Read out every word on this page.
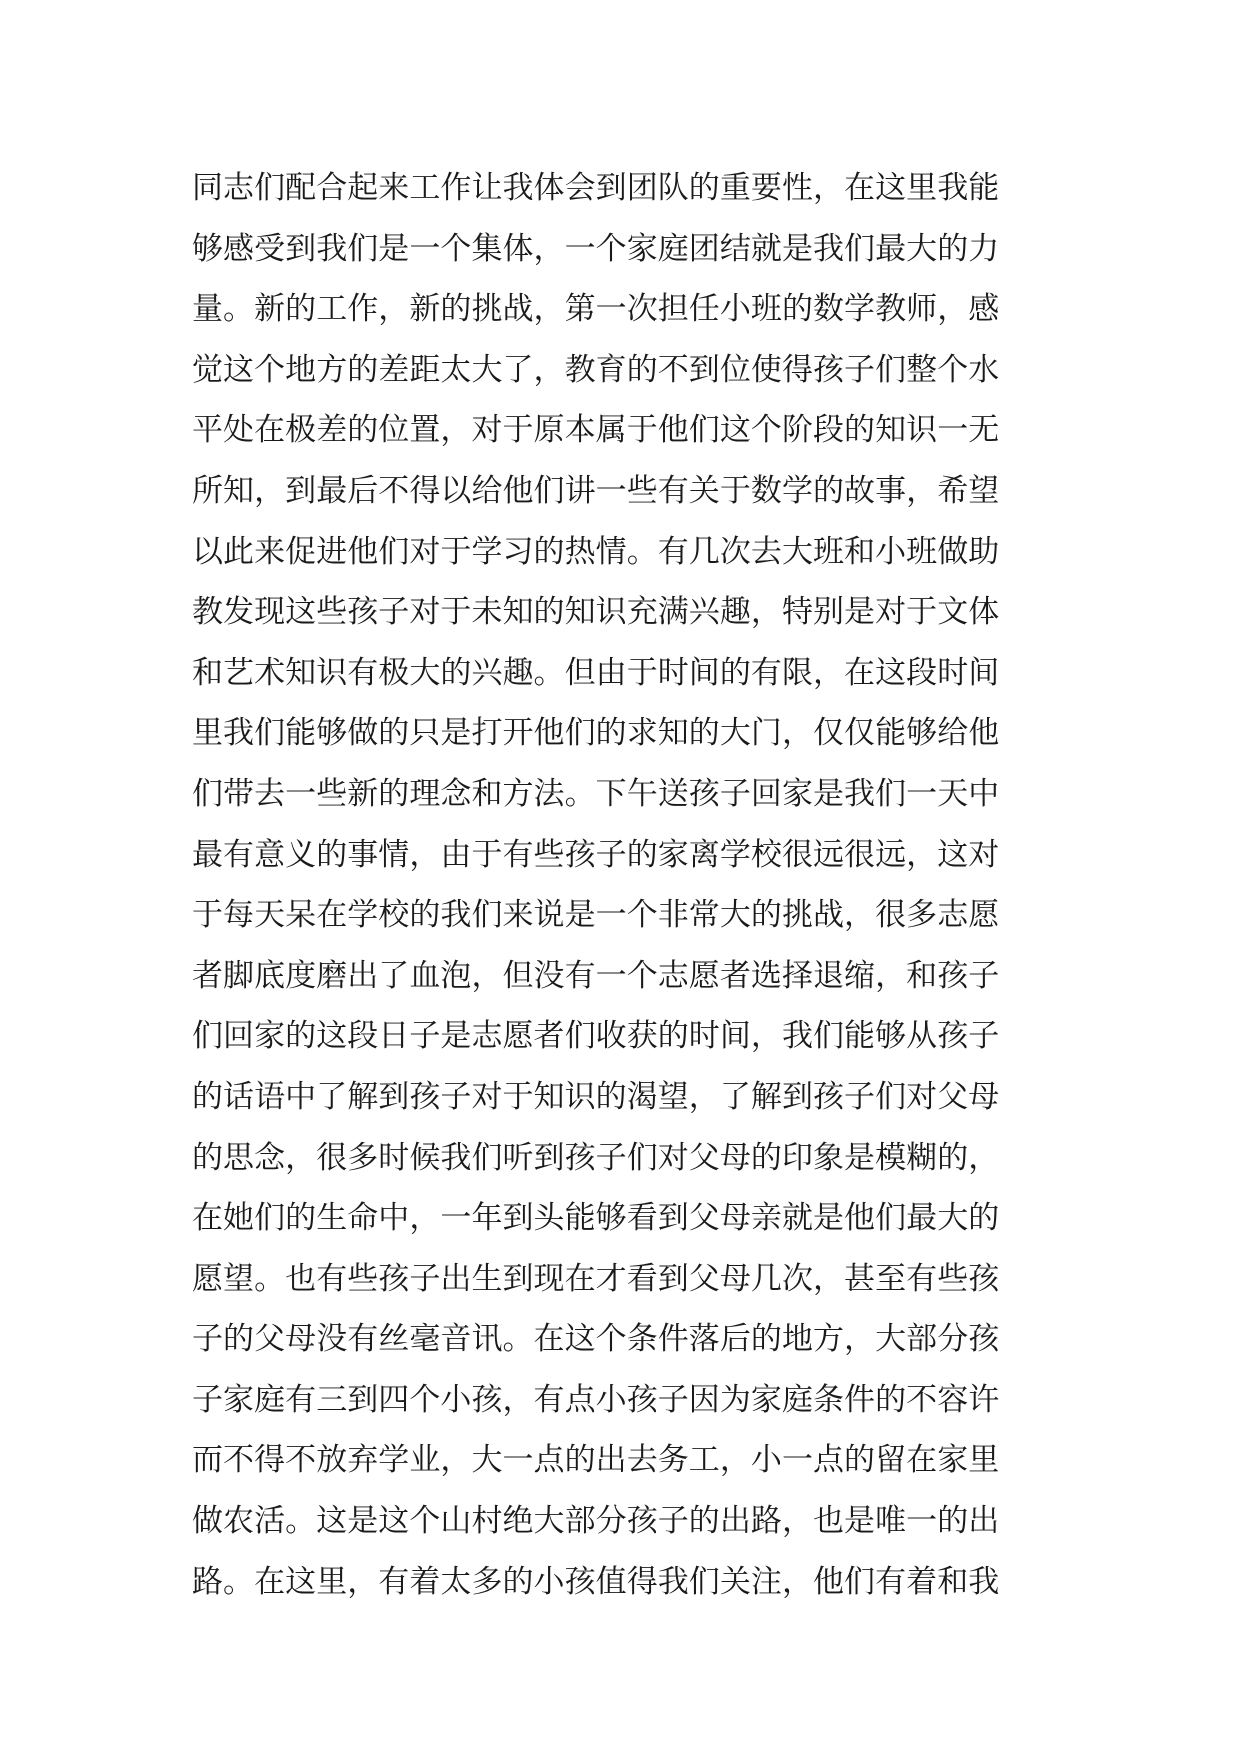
同志们配合起来工作让我体会到团队的重要性，在这里我能
够感受到我们是一个集体，一个家庭团结就是我们最大的力
量。新的工作，新的挑战，第一次担任小班的数学教师，感
觉这个地方的差距太大了，教育的不到位使得孩子们整个水
平处在极差的位置，对于原本属于他们这个阶段的知识一无
所知，到最后不得以给他们讲一些有关于数学的故事，希望
以此来促进他们对于学习的热情。有几次去大班和小班做助
教发现这些孩子对于未知的知识充满兴趣，特别是对于文体
和艺术知识有极大的兴趣。但由于时间的有限，在这段时间
里我们能够做的只是打开他们的求知的大门，仅仅能够给他
们带去一些新的理念和方法。下午送孩子回家是我们一天中
最有意义的事情，由于有些孩子的家离学校很远很远，这对
于每天呆在学校的我们来说是一个非常大的挑战，很多志愿
者脚底度磨出了血泡，但没有一个志愿者选择退缩，和孩子
们回家的这段日子是志愿者们收获的时间，我们能够从孩子
的话语中了解到孩子对于知识的渴望，了解到孩子们对父母
的思念，很多时候我们听到孩子们对父母的印象是模糊的，
在她们的生命中，一年到头能够看到父母亲就是他们最大的
愿望。也有些孩子出生到现在才看到父母几次，甚至有些孩
子的父母没有丝毫音讯。在这个条件落后的地方，大部分孩
子家庭有三到四个小孩，有点小孩子因为家庭条件的不容许
而不得不放弃学业，大一点的出去务工，小一点的留在家里
做农活。这是这个山村绝大部分孩子的出路，也是唯一的出
路。在这里，有着太多的小孩值得我们关注，他们有着和我
